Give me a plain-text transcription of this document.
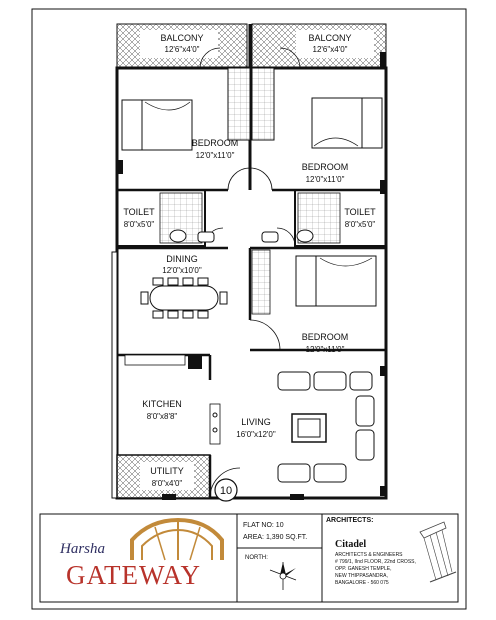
10
BALCONY
12'6"x4'0"
BALCONY
12'6"x4'0"
BEDROOM
12'0"x11'0"
BEDROOM
12'0"x11'0"
TOILET
8'0"x5'0"
TOILET
8'0"x5'0"
DINING
12'0"x10'0"
BEDROOM
12'0"x11'0"
KITCHEN
8'0"x8'8"
LIVING
16'0"x12'0"
UTILITY
8'0"x4'0"
Harsha
GATEWAY
FLAT NO: 10
AREA: 1,390 SQ.FT.
NORTH:
ARCHITECTS:
Citadel
ARCHITECTS & ENGINEERS
# 799/1, IInd FLOOR, 22nd CROSS,
OPP. GANESH TEMPLE,
NEW THIPPASANDRA,
BANGALORE - 560 075
